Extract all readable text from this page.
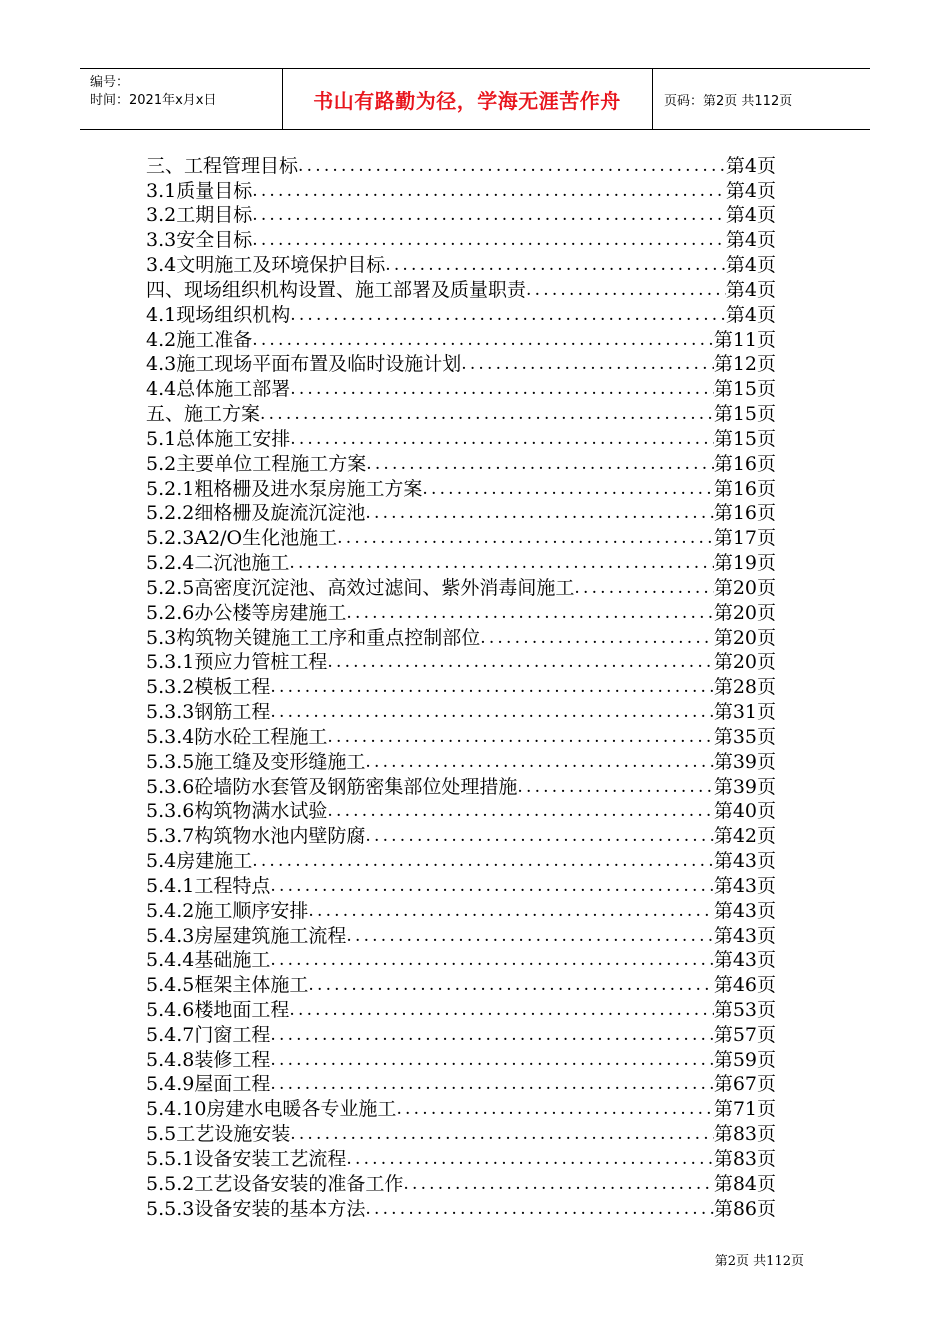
编号：
时间：2021年x月x日	书山有路勤为径，学海无涯苦作舟	页码：第2页 共112页
三、工程管理目标 .....	第4页
3.1质量目标 .....	第4页
3.2工期目标 .....	第4页
3.3安全目标 .....	第4页
3.4文明施工及环境保护目标 .....	第4页
四、现场组织机构设置、施工部署及质量职责 .....	第4页
4.1现场组织机构 .....	第4页
4.2施工准备 .....	第11页
4.3施工现场平面布置及临时设施计划 .....	第12页
4.4总体施工部署 .....	第15页
五、施工方案 .....	第15页
5.1总体施工安排 .....	第15页
5.2主要单位工程施工方案 .....	第16页
5.2.1粗格栅及进水泵房施工方案 .....	第16页
5.2.2细格栅及旋流沉淀池 .....	第16页
5.2.3A2/O生化池施工 .....	第17页
5.2.4二沉池施工 .....	第19页
5.2.5高密度沉淀池、高效过滤间、紫外消毒间施工 .....	第20页
5.2.6办公楼等房建施工 .....	第20页
5.3构筑物关键施工工序和重点控制部位 .....	第20页
5.3.1预应力管桩工程 .....	第20页
5.3.2模板工程 .....	第28页
5.3.3钢筋工程 .....	第31页
5.3.4防水砼工程施工 .....	第35页
5.3.5施工缝及变形缝施工 .....	第39页
5.3.6砼墙防水套管及钢筋密集部位处理措施 .....	第39页
5.3.6构筑物满水试验 .....	第40页
5.3.7构筑物水池内壁防腐 .....	第42页
5.4房建施工 .....	第43页
5.4.1工程特点 .....	第43页
5.4.2施工顺序安排 .....	第43页
5.4.3房屋建筑施工流程 .....	第43页
5.4.4基础施工 .....	第43页
5.4.5框架主体施工 .....	第46页
5.4.6楼地面工程 .....	第53页
5.4.7门窗工程 .....	第57页
5.4.8装修工程 .....	第59页
5.4.9屋面工程 .....	第67页
5.4.10房建水电暖各专业施工 .....	第71页
5.5工艺设施安装 .....	第83页
5.5.1设备安装工艺流程 .....	第83页
5.5.2工艺设备安装的准备工作 .....	第84页
5.5.3设备安装的基本方法 .....	第86页
第2页 共112页
